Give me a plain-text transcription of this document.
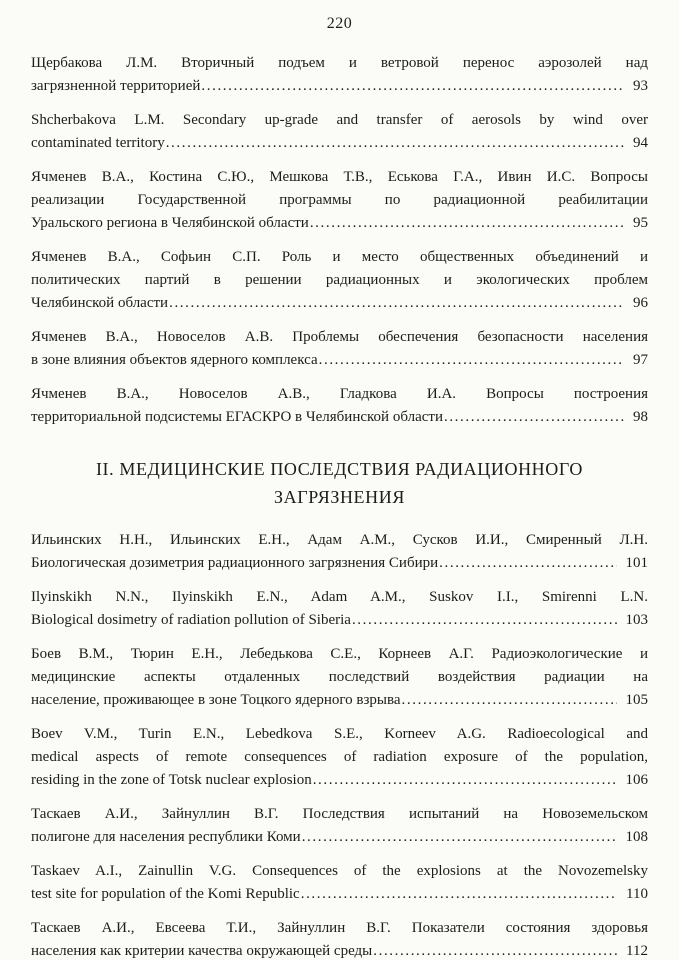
220
Щербакова Л.М. Вторичный подъем и ветровой перенос аэрозолей над
загрязненной территорией .....	93
Shcherbakova L.M. Secondary up-grade and transfer of aerosols by wind over
contaminated territory .....	94
Ячменев В.А., Костина С.Ю., Мешкова Т.В., Еськова Г.А., Ивин И.С. Вопросы
реализации Государственной программы по радиационной реабилитации
Уральского региона в Челябинской области .....	95
Ячменев В.А., Софьин С.П. Роль и место общественных объединений и
политических партий в решении радиационных и экологических проблем
Челябинской области .....	96
Ячменев В.А., Новоселов А.В. Проблемы обеспечения безопасности населения
в зоне влияния объектов ядерного комплекса .....	97
Ячменев В.А., Новоселов А.В., Гладкова И.А. Вопросы построения
территориальной подсистемы ЕГАСКРО в Челябинской области .....	98
II. МЕДИЦИНСКИЕ ПОСЛЕДСТВИЯ РАДИАЦИОННОГО
ЗАГРЯЗНЕНИЯ
Ильинских Н.Н., Ильинских Е.Н., Адам А.М., Сусков И.И., Смиренный Л.Н.
Биологическая дозиметрия радиационного загрязнения Сибири .....	101
Ilyinskikh N.N., Ilyinskikh E.N., Adam A.M., Suskov I.I., Smirenni L.N.
Biological dosimetry of radiation pollution of Siberia .....	103
Боев В.М., Тюрин Е.Н., Лебедькова С.Е., Корнеев А.Г. Радиоэкологические и
медицинские аспекты отдаленных последствий воздействия радиации на
население, проживающее в зоне Тоцкого ядерного взрыва .....	105
Boev V.M., Turin E.N., Lebedkova S.E., Korneev A.G. Radioecological and
medical aspects of remote consequences of radiation exposure of the population,
residing in the zone of Totsk nuclear explosion .....	106
Таскаев А.И., Зайнуллин В.Г. Последствия испытаний на Новоземельском
полигоне для населения республики Коми .....	108
Taskaev A.I., Zainullin V.G. Consequences of the explosions at the Novozemelsky
test site for population of the Komi Republic .....	110
Таскаев А.И., Евсеева Т.И., Зайнуллин В.Г. Показатели состояния здоровья
населения как критерии качества окружающей среды .....	112
